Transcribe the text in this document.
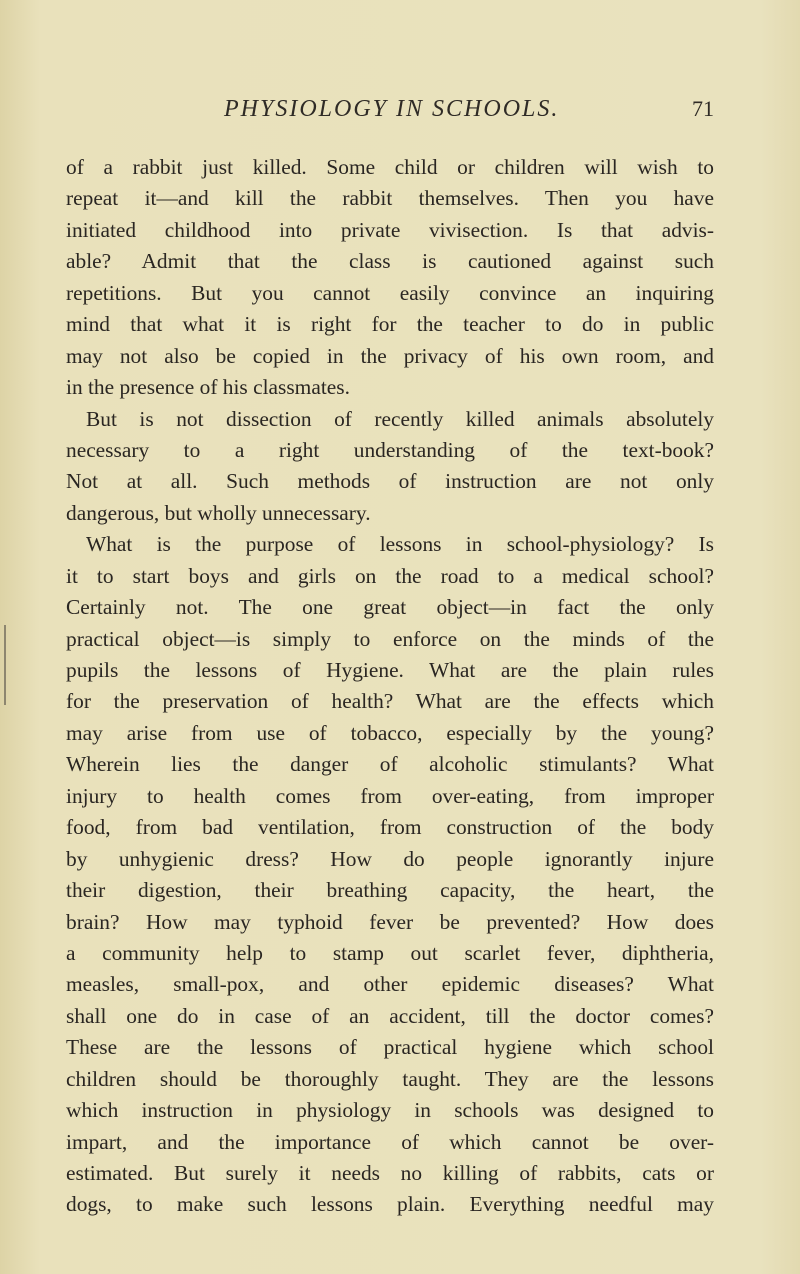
PHYSIOLOGY IN SCHOOLS.	71
of a rabbit just killed. Some child or children will wish to
repeat it—and kill the rabbit themselves. Then you have
initiated childhood into private vivisection. Is that advis-
able? Admit that the class is cautioned against such
repetitions. But you cannot easily convince an inquiring
mind that what it is right for the teacher to do in public
may not also be copied in the privacy of his own room, and
in the presence of his classmates.
But is not dissection of recently killed animals absolutely
necessary to a right understanding of the text-book?
Not at all. Such methods of instruction are not only
dangerous, but wholly unnecessary.
What is the purpose of lessons in school-physiology? Is
it to start boys and girls on the road to a medical school?
Certainly not. The one great object—in fact the only
practical object—is simply to enforce on the minds of the
pupils the lessons of Hygiene. What are the plain rules
for the preservation of health? What are the effects which
may arise from use of tobacco, especially by the young?
Wherein lies the danger of alcoholic stimulants? What
injury to health comes from over-eating, from improper
food, from bad ventilation, from construction of the body
by unhygienic dress? How do people ignorantly injure
their digestion, their breathing capacity, the heart, the
brain? How may typhoid fever be prevented? How does
a community help to stamp out scarlet fever, diphtheria,
measles, small-pox, and other epidemic diseases? What
shall one do in case of an accident, till the doctor comes?
These are the lessons of practical hygiene which school
children should be thoroughly taught. They are the lessons
which instruction in physiology in schools was designed to
impart, and the importance of which cannot be over-
estimated. But surely it needs no killing of rabbits, cats or
dogs, to make such lessons plain. Everything needful may
